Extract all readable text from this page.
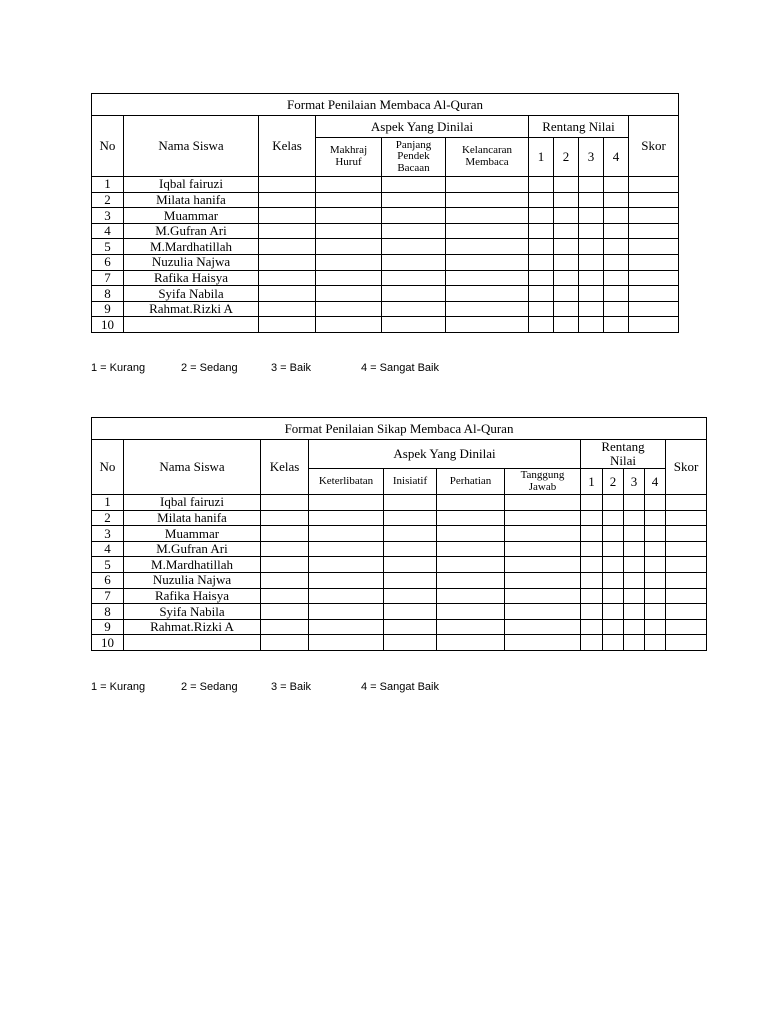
Format Penilaian Membaca Al-Quran										
No	Nama Siswa	Kelas	Aspek Yang Dinilai			Rentang Nilai				Skor
			Makhraj Huruf	Panjang Pendek Bacaan	Kelancaran Membaca	1	2	3	4	
1	Iqbal fairuzi									
2	Milata hanifa									
3	Muammar									
4	M.Gufran Ari									
5	M.Mardhatillah									
6	Nuzulia Najwa									
7	Rafika Haisya									
8	Syifa Nabila									
9	Rahmat.Rizki A									
10										
1 = Kurang	2 = Sedang	3 = Baik	4 = Sangat Baik
Format Penilaian Sikap Membaca Al-Quran											
No	Nama Siswa	Kelas	Aspek Yang Dinilai				Rentang Nilai				Skor
			Keterlibatan	Inisiatif	Perhatian	Tanggung Jawab	1	2	3	4	
1	Iqbal fairuzi										
2	Milata hanifa										
3	Muammar										
4	M.Gufran Ari										
5	M.Mardhatillah										
6	Nuzulia Najwa										
7	Rafika Haisya										
8	Syifa Nabila										
9	Rahmat.Rizki A										
10											
1 = Kurang	2 = Sedang	3 = Baik	4 = Sangat Baik
